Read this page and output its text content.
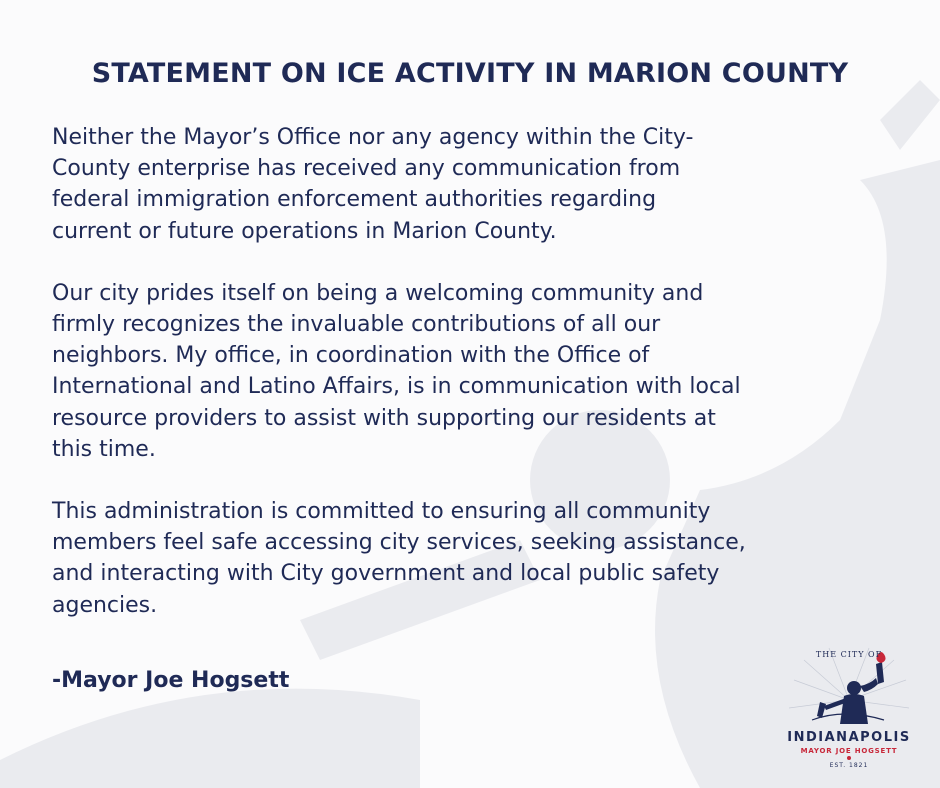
STATEMENT ON ICE ACTIVITY IN MARION COUNTY

Neither the Mayor’s Office nor any agency within the City-
County enterprise has received any communication from
federal immigration enforcement authorities regarding
current or future operations in Marion County.

Our city prides itself on being a welcoming community and
firmly recognizes the invaluable contributions of all our
neighbors. My office, in coordination with the Office of
International and Latino Affairs, is in communication with local
resource providers to assist with supporting our residents at
this time.

This administration is committed to ensuring all community
members feel safe accessing city services, seeking assistance,
and interacting with City government and local public safety
agencies.

-Mayor Joe Hogsett
THE CITY OF
INDIANAPOLIS
MAYOR JOE HOGSETT
EST. 1821
